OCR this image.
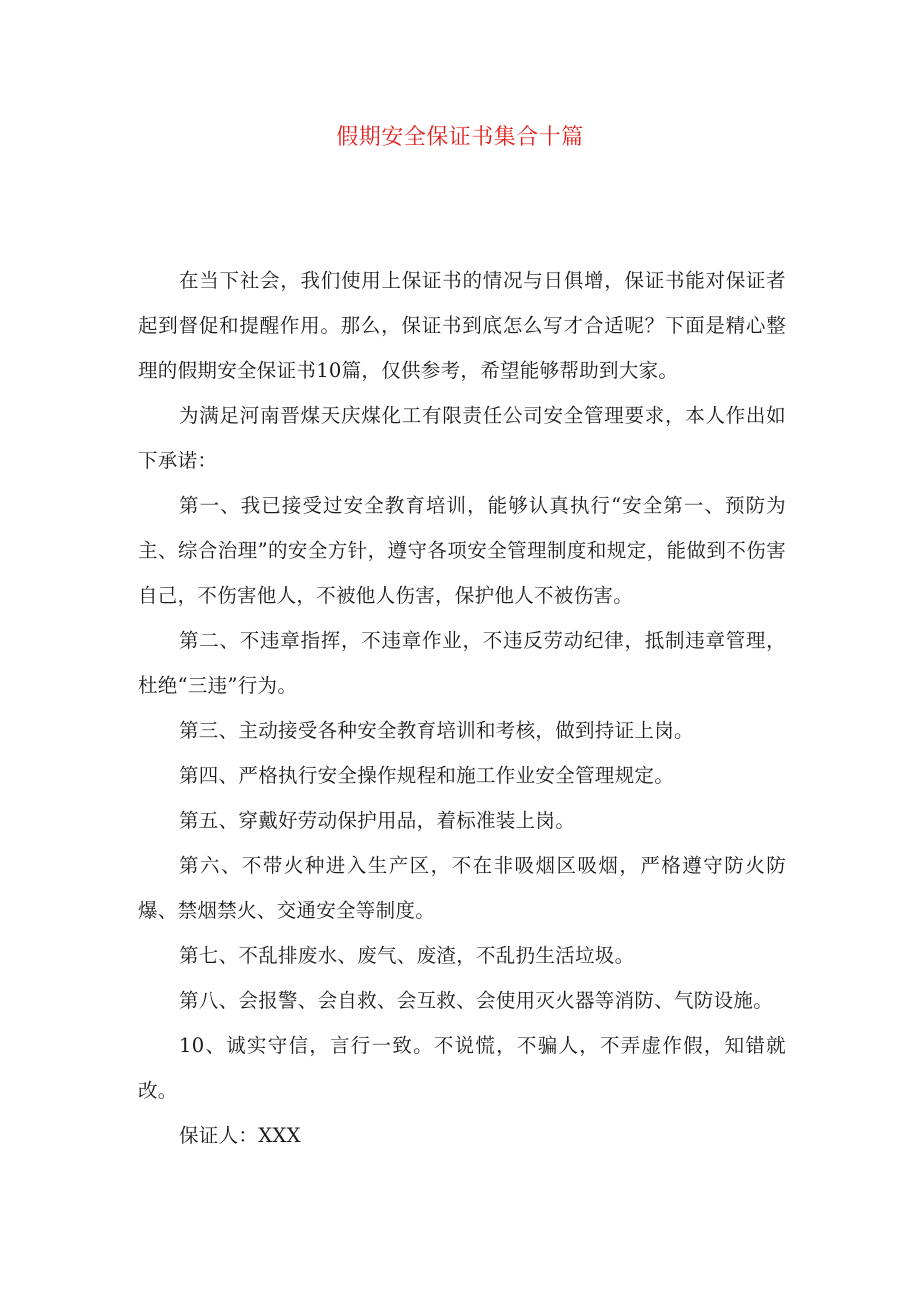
假期安全保证书集合十篇

在当下社会，我们使用上保证书的情况与日俱增，保证书能对保证者起到督促和提醒作用。那么，保证书到底怎么写才合适呢？下面是精心整理的假期安全保证书10篇，仅供参考，希望能够帮助到大家。

为满足河南晋煤天庆煤化工有限责任公司安全管理要求，本人作出如下承诺：

第一、我已接受过安全教育培训，能够认真执行“安全第一、预防为主、综合治理”的安全方针，遵守各项安全管理制度和规定，能做到不伤害自己，不伤害他人，不被他人伤害，保护他人不被伤害。

第二、不违章指挥，不违章作业，不违反劳动纪律，抵制违章管理，杜绝“三违”行为。

第三、主动接受各种安全教育培训和考核，做到持证上岗。

第四、严格执行安全操作规程和施工作业安全管理规定。

第五、穿戴好劳动保护用品，着标准装上岗。

第六、不带火种进入生产区，不在非吸烟区吸烟，严格遵守防火防爆、禁烟禁火、交通安全等制度。

第七、不乱排废水、废气、废渣，不乱扔生活垃圾。

第八、会报警、会自救、会互救、会使用灭火器等消防、气防设施。

10、诚实守信，言行一致。不说慌，不骗人，不弄虚作假，知错就改。

保证人：XXX
